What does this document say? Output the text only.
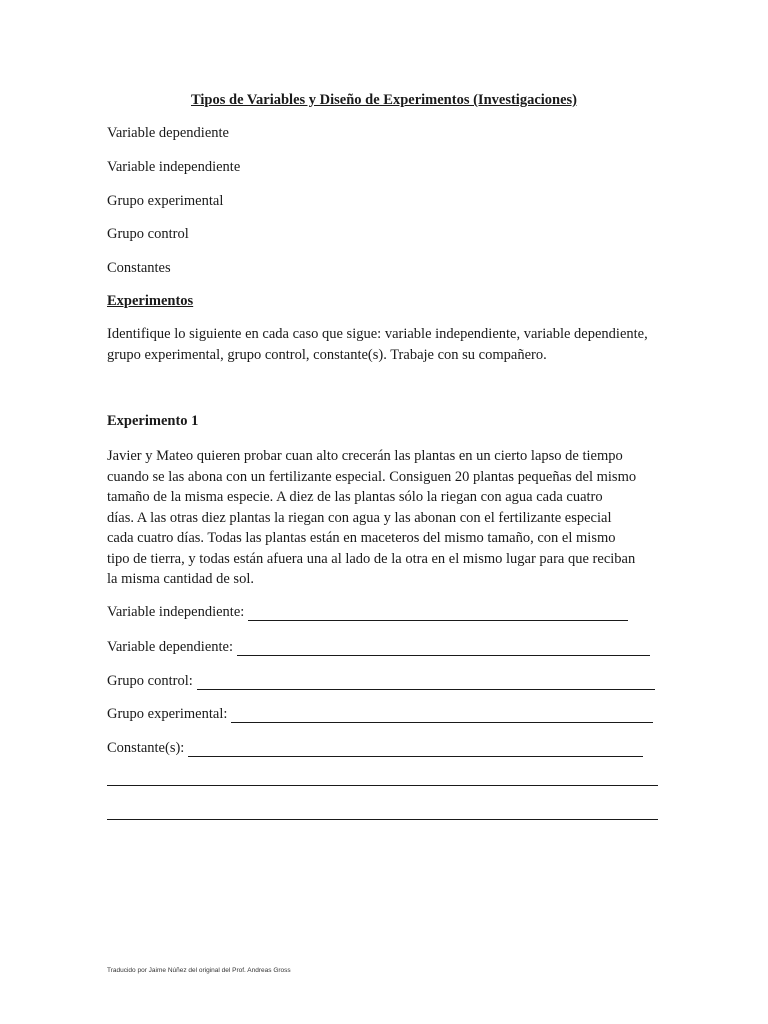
Tipos de Variables y Diseño de Experimentos (Investigaciones)
Variable dependiente
Variable independiente
Grupo experimental
Grupo control
Constantes
Experimentos
Identifique lo siguiente en cada caso que sigue: variable independiente, variable dependiente, grupo experimental, grupo control, constante(s). Trabaje con su compañero.
Experimento 1
Javier y Mateo quieren probar cuan alto crecerán las plantas en un cierto lapso de tiempo
cuando se las abona con un fertilizante especial. Consiguen 20 plantas pequeñas del mismo
tamaño de la misma especie. A diez de las plantas sólo la riegan con agua cada cuatro
días. A las otras diez plantas la riegan con agua y las abonan con el fertilizante especial
cada cuatro días. Todas las plantas están en maceteros del mismo tamaño, con el mismo
tipo de tierra, y todas están afuera una al lado de la otra en el mismo lugar para que reciban
la misma cantidad de sol.
Variable independiente:
Variable dependiente:
Grupo control:
Grupo experimental:
Constante(s):
Traducido por Jaime Núñez del original del Prof. Andreas Gross
